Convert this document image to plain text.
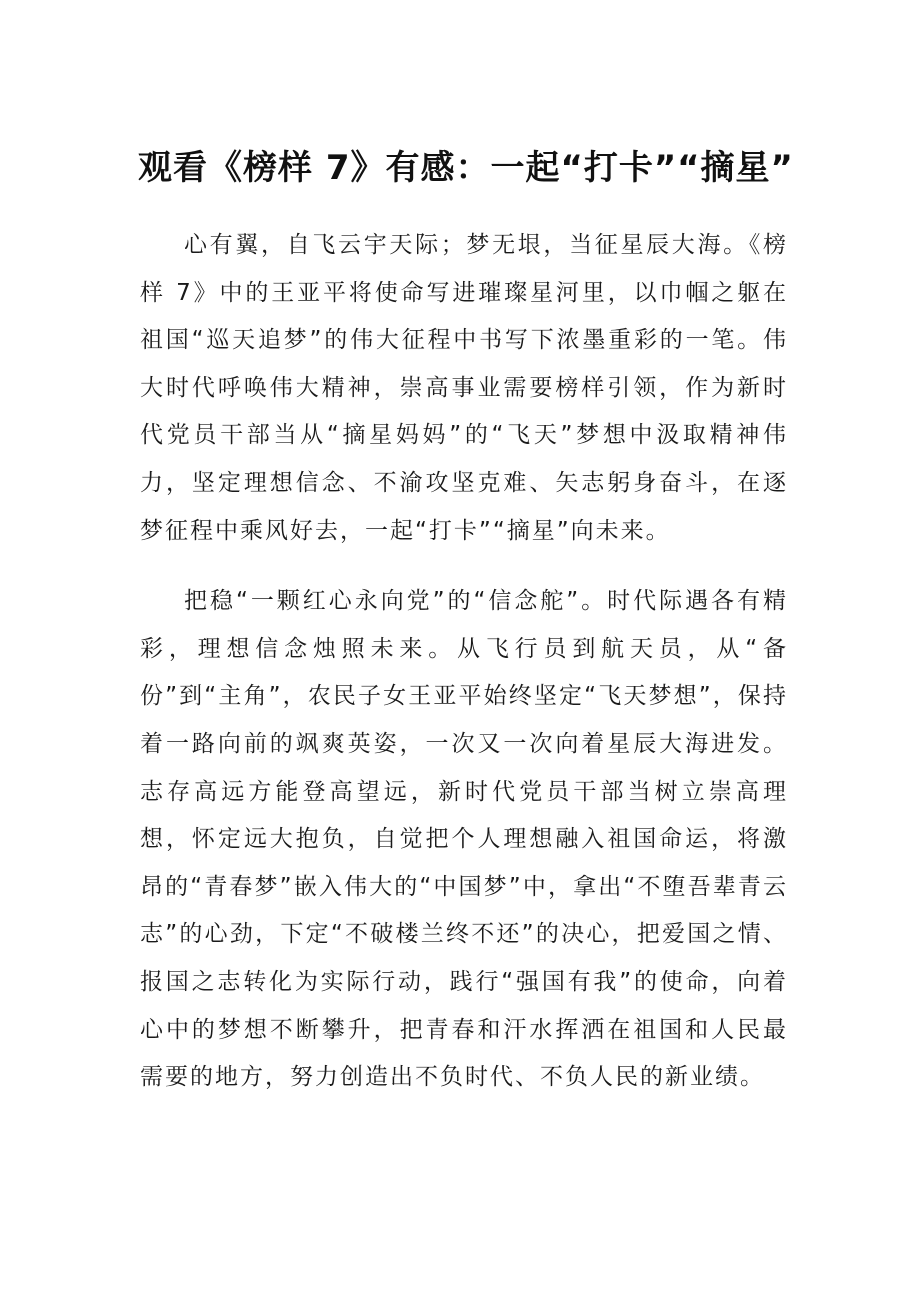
观看《榜样 7》有感：一起“打卡”“摘星”

心有翼，自飞云宇天际；梦无垠，当征星辰大海。《榜样 7》中的王亚平将使命写进璀璨星河里，以巾帼之躯在祖国“巡天追梦”的伟大征程中书写下浓墨重彩的一笔。伟大时代呼唤伟大精神，崇高事业需要榜样引领，作为新时代党员干部当从“摘星妈妈”的“飞天”梦想中汲取精神伟力，坚定理想信念、不渝攻坚克难、矢志躬身奋斗，在逐梦征程中乘风好去，一起“打卡”“摘星”向未来。

把稳“一颗红心永向党”的“信念舵”。时代际遇各有精彩，理想信念烛照未来。从飞行员到航天员，从“备份”到“主角”，农民子女王亚平始终坚定“飞天梦想”，保持着一路向前的飒爽英姿，一次又一次向着星辰大海进发。志存高远方能登高望远，新时代党员干部当树立崇高理想，怀定远大抱负，自觉把个人理想融入祖国命运，将激昂的“青春梦”嵌入伟大的“中国梦”中，拿出“不堕吾辈青云志”的心劲，下定“不破楼兰终不还”的决心，把爱国之情、报国之志转化为实际行动，践行“强国有我”的使命，向着心中的梦想不断攀升，把青春和汗水挥洒在祖国和人民最需要的地方，努力创造出不负时代、不负人民的新业绩。
